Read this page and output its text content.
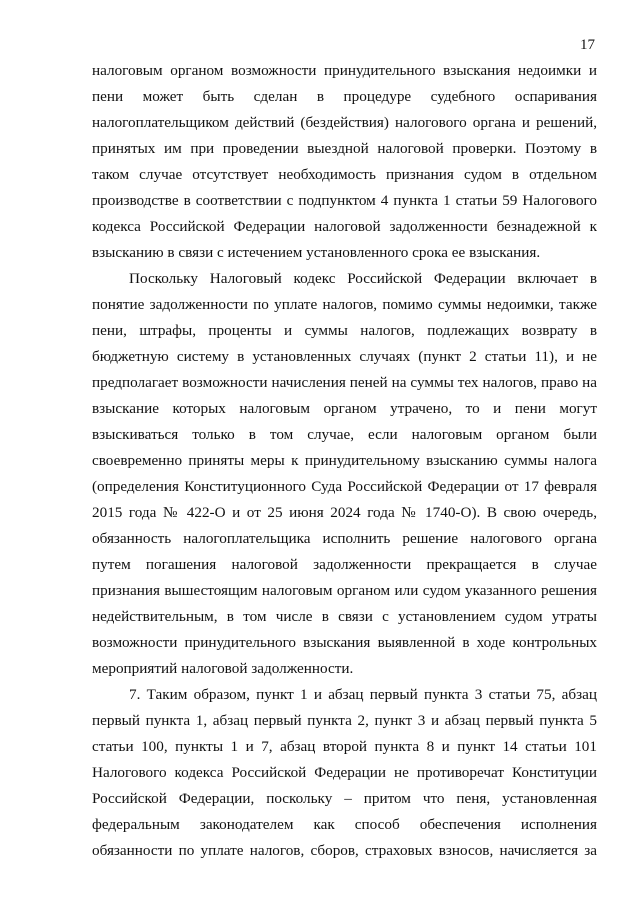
17
налоговым органом возможности принудительного взыскания недоимки и
пени может быть сделан в процедуре судебного оспаривания
налогоплательщиком действий (бездействия) налогового органа и решений,
принятых им при проведении выездной налоговой проверки. Поэтому в
таком случае отсутствует необходимость признания судом в отдельном
производстве в соответствии с подпунктом 4 пункта 1 статьи 59 Налогового
кодекса Российской Федерации налоговой задолженности безнадежной к
взысканию в связи с истечением установленного срока ее взыскания.
Поскольку Налоговый кодекс Российской Федерации включает в
понятие задолженности по уплате налогов, помимо суммы недоимки, также
пени, штрафы, проценты и суммы налогов, подлежащих возврату в
бюджетную систему в установленных случаях (пункт 2 статьи 11), и не
предполагает возможности начисления пеней на суммы тех налогов, право на
взыскание которых налоговым органом утрачено, то и пени могут
взыскиваться только в том случае, если налоговым органом были
своевременно приняты меры к принудительному взысканию суммы налога
(определения Конституционного Суда Российской Федерации от 17 февраля
2015 года № 422-О и от 25 июня 2024 года № 1740-О). В свою очередь,
обязанность налогоплательщика исполнить решение налогового органа
путем погашения налоговой задолженности прекращается в случае
признания вышестоящим налоговым органом или судом указанного решения
недействительным, в том числе в связи с установлением судом утраты
возможности принудительного взыскания выявленной в ходе контрольных
мероприятий налоговой задолженности.
7. Таким образом, пункт 1 и абзац первый пункта 3 статьи 75, абзац
первый пункта 1, абзац первый пункта 2, пункт 3 и абзац первый пункта 5
статьи 100, пункты 1 и 7, абзац второй пункта 8 и пункт 14 статьи 101
Налогового кодекса Российской Федерации не противоречат Конституции
Российской Федерации, поскольку – притом что пеня, установленная
федеральным законодателем как способ обеспечения исполнения
обязанности по уплате налогов, сборов, страховых взносов, начисляется за
